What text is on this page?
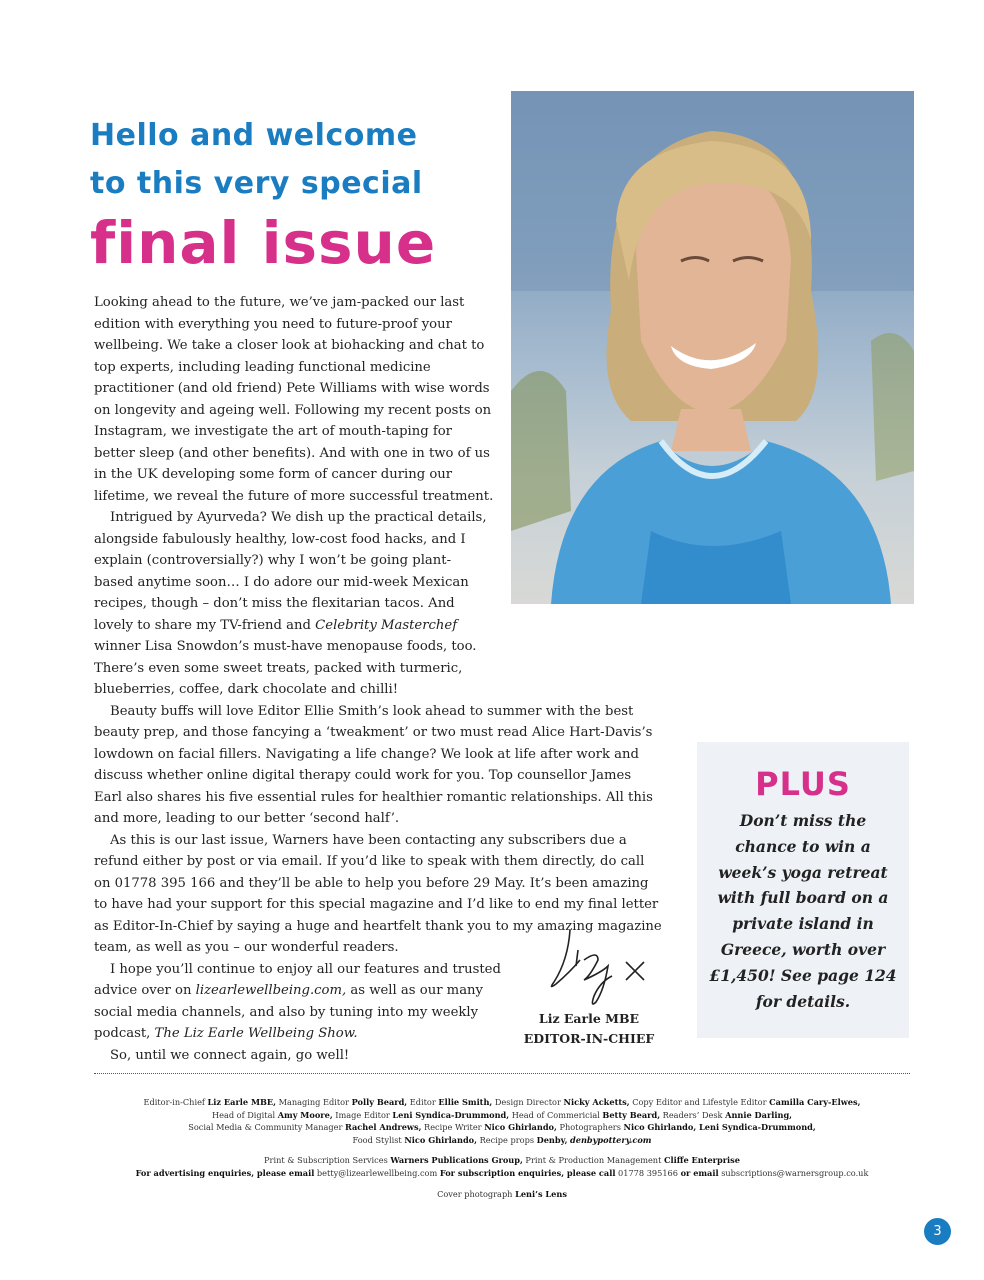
Hello and welcome
to this very special
final issue

Looking ahead to the future, we’ve jam-packed our last edition with everything you need to future-proof your wellbeing. We take a closer look at biohacking and chat to top experts, including leading functional medicine practitioner (and old friend) Pete Williams with wise words on longevity and ageing well. Following my recent posts on Instagram, we investigate the art of mouth-taping for better sleep (and other benefits). And with one in two of us in the UK developing some form of cancer during our lifetime, we reveal the future of more successful treatment.

Intrigued by Ayurveda? We dish up the practical details, alongside fabulously healthy, low-cost food hacks, and I explain (controversially?) why I won’t be going plant-based anytime soon… I do adore our mid-week Mexican recipes, though – don’t miss the flexitarian tacos. And lovely to share my TV-friend and Celebrity Masterchef winner Lisa Snowdon’s must-have menopause foods, too. There’s even some sweet treats, packed with turmeric, blueberries, coffee, dark chocolate and chilli!

Beauty buffs will love Editor Ellie Smith’s look ahead to summer with the best beauty prep, and those fancying a ‘tweakment’ or two must read Alice Hart-Davis’s lowdown on facial fillers. Navigating a life change? We look at life after work and discuss whether online digital therapy could work for you. Top counsellor James Earl also shares his five essential rules for healthier romantic relationships. All this and more, leading to our better ‘second half’.

As this is our last issue, Warners have been contacting any subscribers due a refund either by post or via email. If you’d like to speak with them directly, do call on 01778 395 166 and they’ll be able to help you before 29 May. It’s been amazing to have had your support for this special magazine and I’d like to end my final letter as Editor-In-Chief by saying a huge and heartfelt thank you to my amazing magazine team, as well as you – our wonderful readers.

I hope you’ll continue to enjoy all our features and trusted advice over on lizearlewellbeing.com, as well as our many social media channels, and also by tuning into my weekly podcast, The Liz Earle Wellbeing Show.

So, until we connect again, go well!

Liz Earle MBE
EDITOR-IN-CHIEF
PLUS
Don’t miss the chance to win a week’s yoga retreat with full board on a private island in Greece, worth over £1,450! See page 124 for details.
Editor-in-Chief Liz Earle MBE, Managing Editor Polly Beard, Editor Ellie Smith, Design Director Nicky Acketts, Copy Editor and Lifestyle Editor Camilla Cary-Elwes,
Head of Digital Amy Moore, Image Editor Leni Syndica-Drummond, Head of Commericial Betty Beard, Readers’ Desk Annie Darling,
Social Media & Community Manager Rachel Andrews, Recipe Writer Nico Ghirlando, Photographers Nico Ghirlando, Leni Syndica-Drummond,
Food Stylist Nico Ghirlando, Recipe props Denby, denbypottery.com
Print & Subscription Services Warners Publications Group, Print & Production Management Cliffe Enterprise
For advertising enquiries, please email betty@lizearlewellbeing.com For subscription enquiries, please call 01778 395166 or email subscriptions@warnersgroup.co.uk
Cover photograph Leni’s Lens
3
